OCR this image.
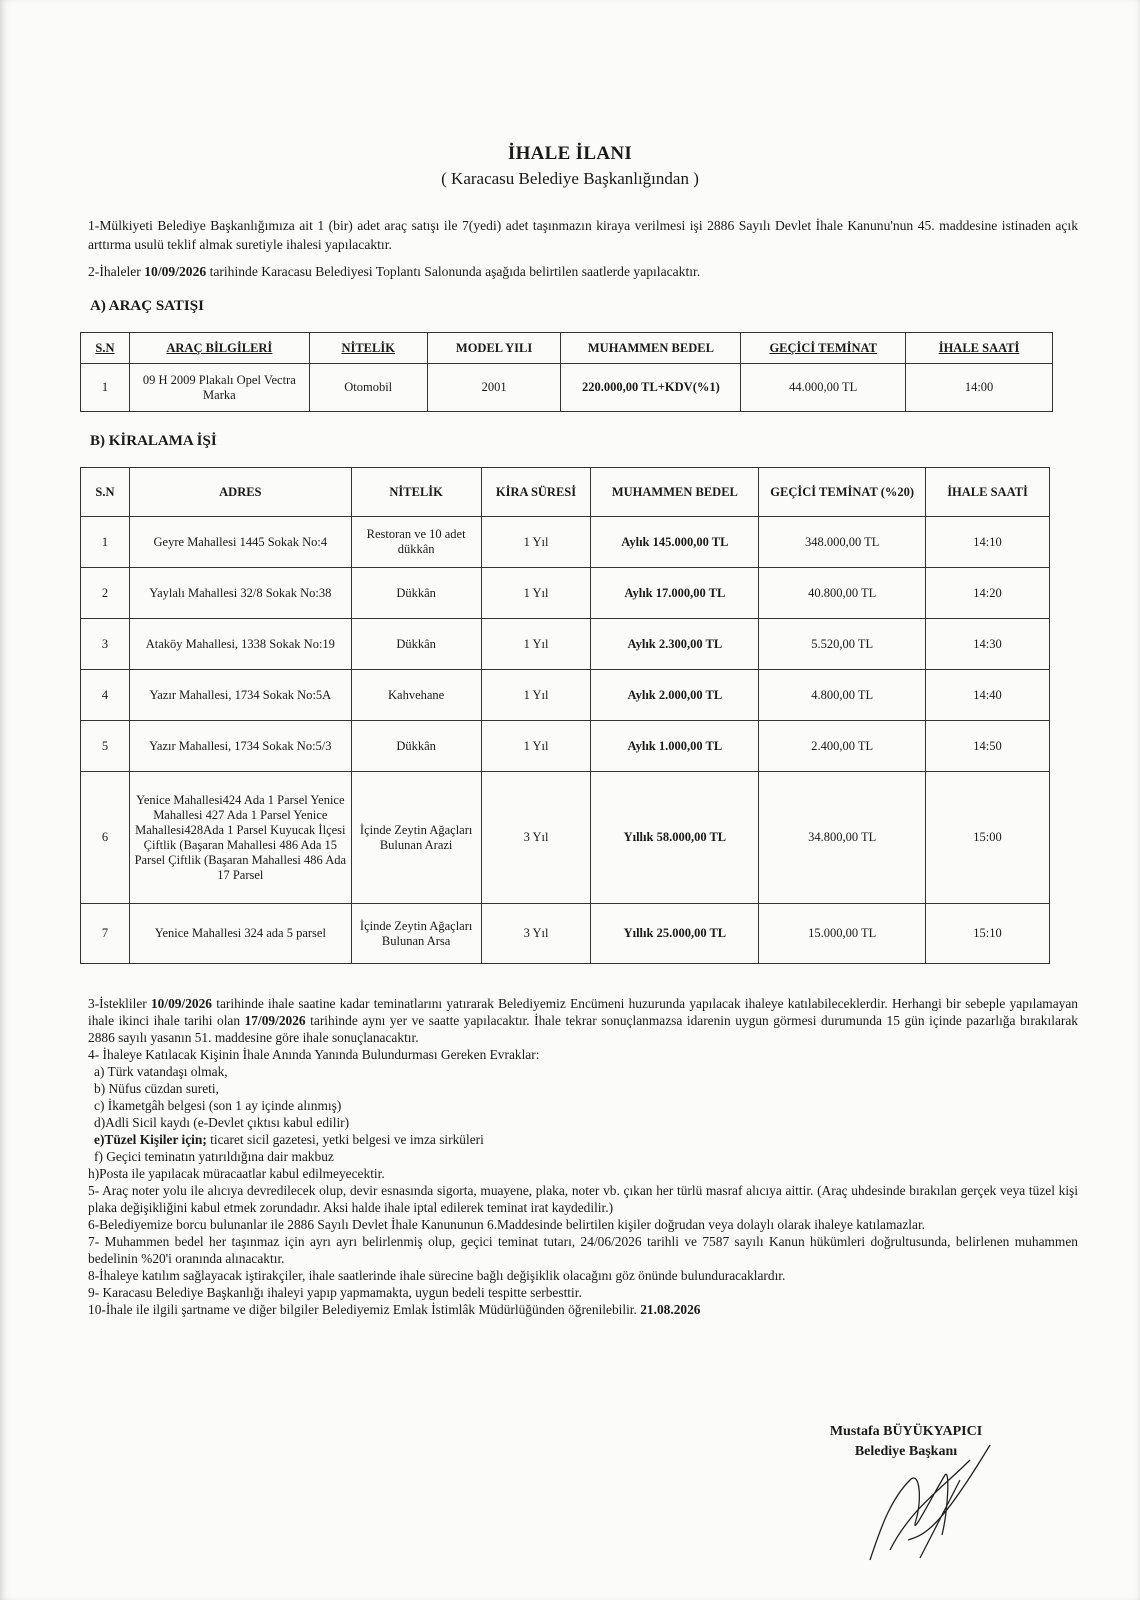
İHALE İLANI
( Karacasu Belediye Başkanlığından )
1-Mülkiyeti Belediye Başkanlığımıza ait 1 (bir) adet araç satışı ile 7(yedi) adet taşınmazın kiraya verilmesi işi 2886 Sayılı Devlet İhale Kanunu'nun 45. maddesine istinaden açık arttırma usulü teklif almak suretiyle ihalesi yapılacaktır.
2-İhaleler 10/09/2026 tarihinde Karacasu Belediyesi Toplantı Salonunda aşağıda belirtilen saatlerde yapılacaktır.
A) ARAÇ SATIŞI
S.N	ARAÇ BİLGİLERİ	NİTELİK	MODEL YILI	MUHAMMEN BEDEL	GEÇİCİ TEMİNAT	İHALE SAATİ
1	09 H 2009 Plakalı Opel Vectra Marka	Otomobil	2001	220.000,00 TL+KDV(%1)	44.000,00 TL	14:00
B) KİRALAMA İŞİ
S.N	ADRES	NİTELİK	KİRA SÜRESİ	MUHAMMEN BEDEL	GEÇİCİ TEMİNAT (%20)	İHALE SAATİ
1	Geyre Mahallesi 1445 Sokak No:4	Restoran ve 10 adet dükkân	1 Yıl	Aylık 145.000,00 TL	348.000,00 TL	14:10
2	Yaylalı Mahallesi 32/8 Sokak No:38	Dükkân	1 Yıl	Aylık 17.000,00 TL	40.800,00 TL	14:20
3	Ataköy Mahallesi, 1338 Sokak No:19	Dükkân	1 Yıl	Aylık 2.300,00 TL	5.520,00 TL	14:30
4	Yazır Mahallesi, 1734 Sokak No:5A	Kahvehane	1 Yıl	Aylık 2.000,00 TL	4.800,00 TL	14:40
5	Yazır Mahallesi, 1734 Sokak No:5/3	Dükkân	1 Yıl	Aylık 1.000,00 TL	2.400,00 TL	14:50
6	Yenice Mahallesi424 Ada 1 Parsel Yenice Mahallesi 427 Ada 1 Parsel Yenice Mahallesi428Ada 1 Parsel Kuyucak İlçesi Çiftlik (Başaran Mahallesi 486 Ada 15 Parsel Çiftlik (Başaran Mahallesi 486 Ada 17 Parsel	İçinde Zeytin Ağaçları Bulunan Arazi	3 Yıl	Yıllık 58.000,00 TL	34.800,00 TL	15:00
7	Yenice Mahallesi 324 ada 5 parsel	İçinde Zeytin Ağaçları Bulunan Arsa	3 Yıl	Yıllık 25.000,00 TL	15.000,00 TL	15:10

3-İstekliler 10/09/2026 tarihinde ihale saatine kadar teminatlarını yatırarak Belediyemiz Encümeni huzurunda yapılacak ihaleye katılabileceklerdir. Herhangi bir sebeple yapılamayan ihale ikinci ihale tarihi olan 17/09/2026 tarihinde aynı yer ve saatte yapılacaktır. İhale tekrar sonuçlanmazsa idarenin uygun görmesi durumunda 15 gün içinde pazarlığa bırakılarak 2886 sayılı yasanın 51. maddesine göre ihale sonuçlanacaktır.

4- İhaleye Katılacak Kişinin İhale Anında Yanında Bulundurması Gereken Evraklar:

a) Türk vatandaşı olmak,

b) Nüfus cüzdan sureti,

c) İkametgâh belgesi (son 1 ay içinde alınmış)

d)Adli Sicil kaydı (e-Devlet çıktısı kabul edilir)

e)Tüzel Kişiler için; ticaret sicil gazetesi, yetki belgesi ve imza sirküleri

f) Geçici teminatın yatırıldığına dair makbuz

h)Posta ile yapılacak müracaatlar kabul edilmeyecektir.

5- Araç noter yolu ile alıcıya devredilecek olup, devir esnasında sigorta, muayene, plaka, noter vb. çıkan her türlü masraf alıcıya aittir. (Araç uhdesinde bırakılan gerçek veya tüzel kişi plaka değişikliğini kabul etmek zorundadır. Aksi halde ihale iptal edilerek teminat irat kaydedilir.)

6-Belediyemize borcu bulunanlar ile 2886 Sayılı Devlet İhale Kanununun 6.Maddesinde belirtilen kişiler doğrudan veya dolaylı olarak ihaleye katılamazlar.

7- Muhammen bedel her taşınmaz için ayrı ayrı belirlenmiş olup, geçici teminat tutarı, 24/06/2026 tarihli ve 7587 sayılı Kanun hükümleri doğrultusunda, belirlenen muhammen bedelinin %20'i oranında alınacaktır.

8-İhaleye katılım sağlayacak iştirakçiler, ihale saatlerinde ihale sürecine bağlı değişiklik olacağını göz önünde bulunduracaklardır.

9- Karacasu Belediye Başkanlığı ihaleyi yapıp yapmamakta, uygun bedeli tespitte serbesttir.

10-İhale ile ilgili şartname ve diğer bilgiler Belediyemiz Emlak İstimlâk Müdürlüğünden öğrenilebilir. 21.08.2026

Mustafa BÜYÜKYAPICI
Belediye Başkanı
